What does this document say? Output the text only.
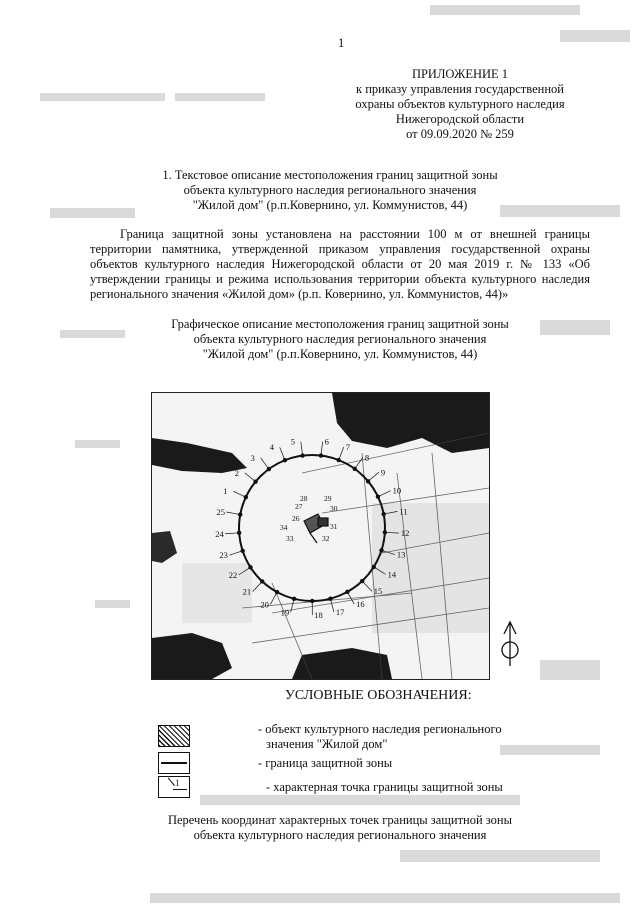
1
ПРИЛОЖЕНИЕ 1
к приказу управления государственной
охраны объектов культурного наследия
Нижегородской области
от 09.09.2020 № 259
1. Текстовое описание местоположения границ защитной зоны
объекта культурного наследия регионального значения
"Жилой дом" (р.п.Ковернино, ул. Коммунистов, 44)
Граница защитной зоны установлена на расстоянии 100 м от внешней границы
территории памятника, утвержденной приказом управления государственной охраны
объектов культурного наследия Нижегородской области от 20 мая 2019 г. № 133 «Об
утверждении границы и режима использования территории объекта культурного наследия
регионального значения «Жилой дом» (р.п. Ковернино, ул. Коммунистов, 44)»
Графическое описание местоположения границ защитной зоны
объекта культурного наследия регионального значения
"Жилой дом" (р.п.Ковернино, ул. Коммунистов, 44)
1
2
3
4
5	6
7
8
9
10
11
12
13
14
15
16
17
18
19
20
21
22
23
24
25
26
27
28 29
30
31
32
33
34
УСЛОВНЫЕ ОБОЗНАЧЕНИЯ:
- объект культурного наследия регионального
значения "Жилой дом"
- граница защитной зоны
1	- характерная точка границы защитной зоны
Перечень координат характерных точек границы защитной зоны
объекта культурного наследия регионального значения
